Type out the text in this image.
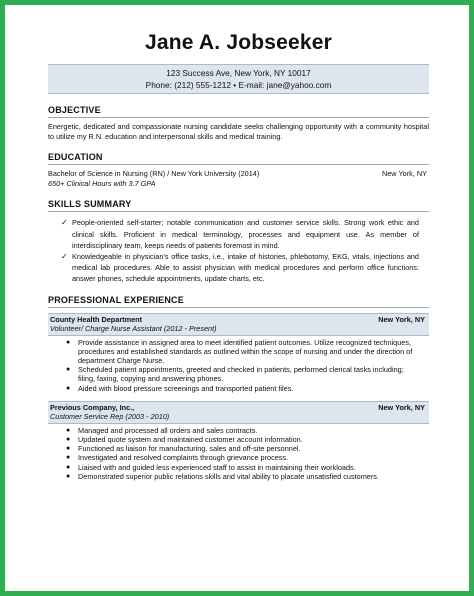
Jane A. Jobseeker
123 Success Ave, New York, NY 10017
Phone: (212) 555-1212 • E-mail: jane@yahoo.com
OBJECTIVE
Energetic, dedicated and compassionate nursing candidate seeks challenging opportunity with a community hospital to utilize my R.N. education and interpersonal skills and medical training.
EDUCATION
Bachelor of Science in Nursing (RN) / New York University (2014)	New York, NY
650+ Clinical Hours with 3.7 GPA
SKILLS SUMMARY
✓ People-oriented self-starter; notable communication and customer service skills. Strong work ethic and clinical skills. Proficient in medical terminology, processes and equipment use. As member of interdisciplinary team, keeps needs of patients foremost in mind.
✓ Knowledgeable in physician’s office tasks, i.e., intake of histories, phlebotomy, EKG, vitals, injections and medical lab procedures. Able to assist physician with medical procedures and perform office functions: answer phones, schedule appointments, update charts, etc.
PROFESSIONAL EXPERIENCE
County Health Department	New York, NY
Volunteer/ Charge Nurse Assistant (2012 - Present)
● Provide assistance in assigned area to meet identified patient outcomes. Utilize recognized techniques, procedures and established standards as outlined within the scope of nursing and under the direction of department Charge Nurse.
● Scheduled patient appointments, greeted and checked in patients, performed clerical tasks including; filing, faxing, copying and answering phones.
● Aided with blood pressure screenings and transported patient files.
Previous Company, Inc.,	New York, NY
Customer Service Rep (2003 - 2010)
● Managed and processed all orders and sales contracts.
● Updated quote system and maintained customer account information.
● Functioned as liaison for manufacturing, sales and off-site personnel.
● Investigated and resolved complaints through grievance process.
● Liaised with and guided less experienced staff to assist in maintaining their workloads.
● Demonstrated superior public relations skills and vital ability to placate unsatisfied customers.
